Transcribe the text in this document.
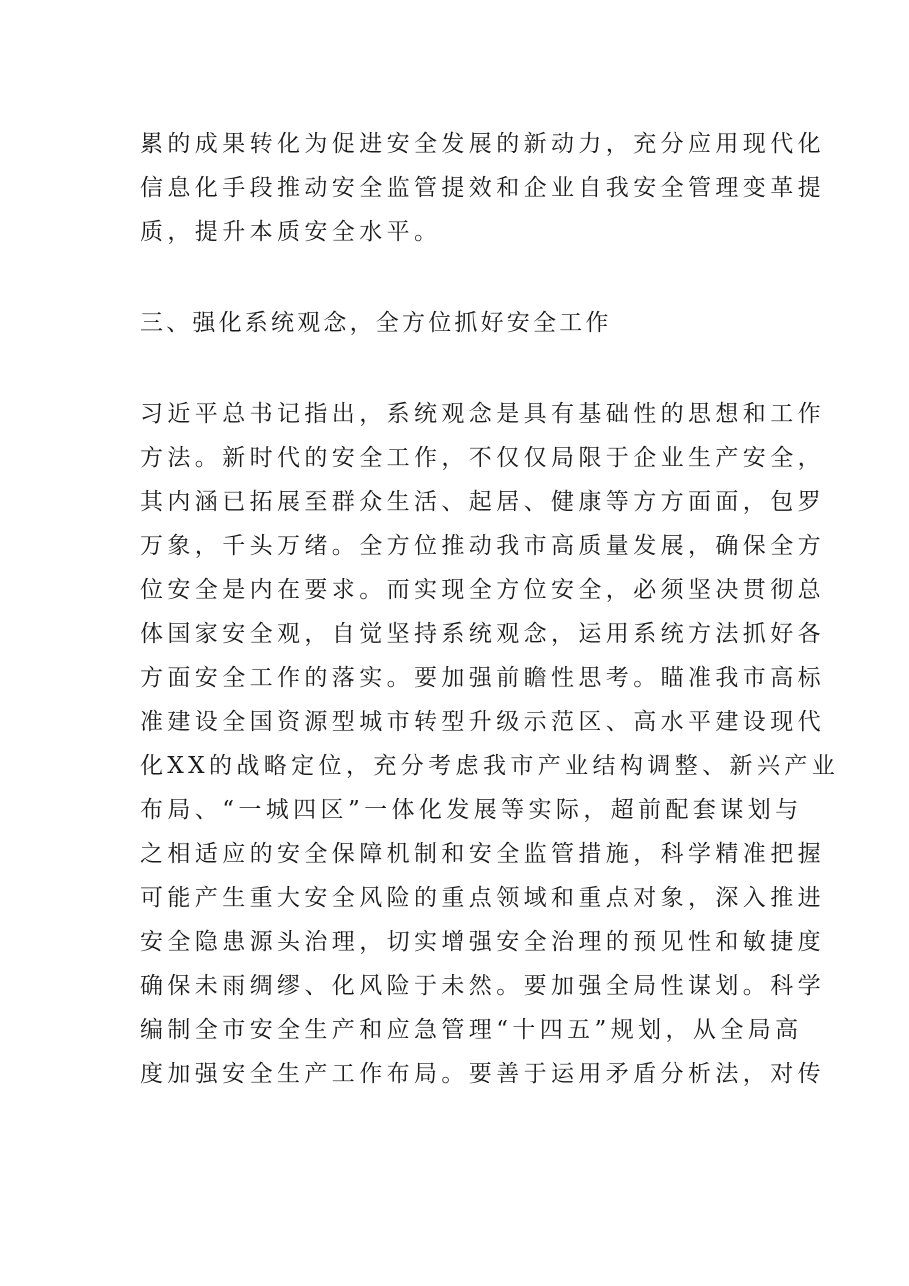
累的成果转化为促进安全发展的新动力，充分应用现代化
信息化手段推动安全监管提效和企业自我安全管理变革提
质，提升本质安全水平。
三、强化系统观念，全方位抓好安全工作
习近平总书记指出，系统观念是具有基础性的思想和工作
方法。新时代的安全工作，不仅仅局限于企业生产安全，
其内涵已拓展至群众生活、起居、健康等方方面面，包罗
万象，千头万绪。全方位推动我市高质量发展，确保全方
位安全是内在要求。而实现全方位安全，必须坚决贯彻总
体国家安全观，自觉坚持系统观念，运用系统方法抓好各
方面安全工作的落实。要加强前瞻性思考。瞄准我市高标
准建设全国资源型城市转型升级示范区、高水平建设现代
化XX的战略定位，充分考虑我市产业结构调整、新兴产业
布局、“一城四区”一体化发展等实际，超前配套谋划与
之相适应的安全保障机制和安全监管措施，科学精准把握
可能产生重大安全风险的重点领域和重点对象，深入推进
安全隐患源头治理，切实增强安全治理的预见性和敏捷度
确保未雨绸缪、化风险于未然。要加强全局性谋划。科学
编制全市安全生产和应急管理“十四五”规划，从全局高
度加强安全生产工作布局。要善于运用矛盾分析法，对传
